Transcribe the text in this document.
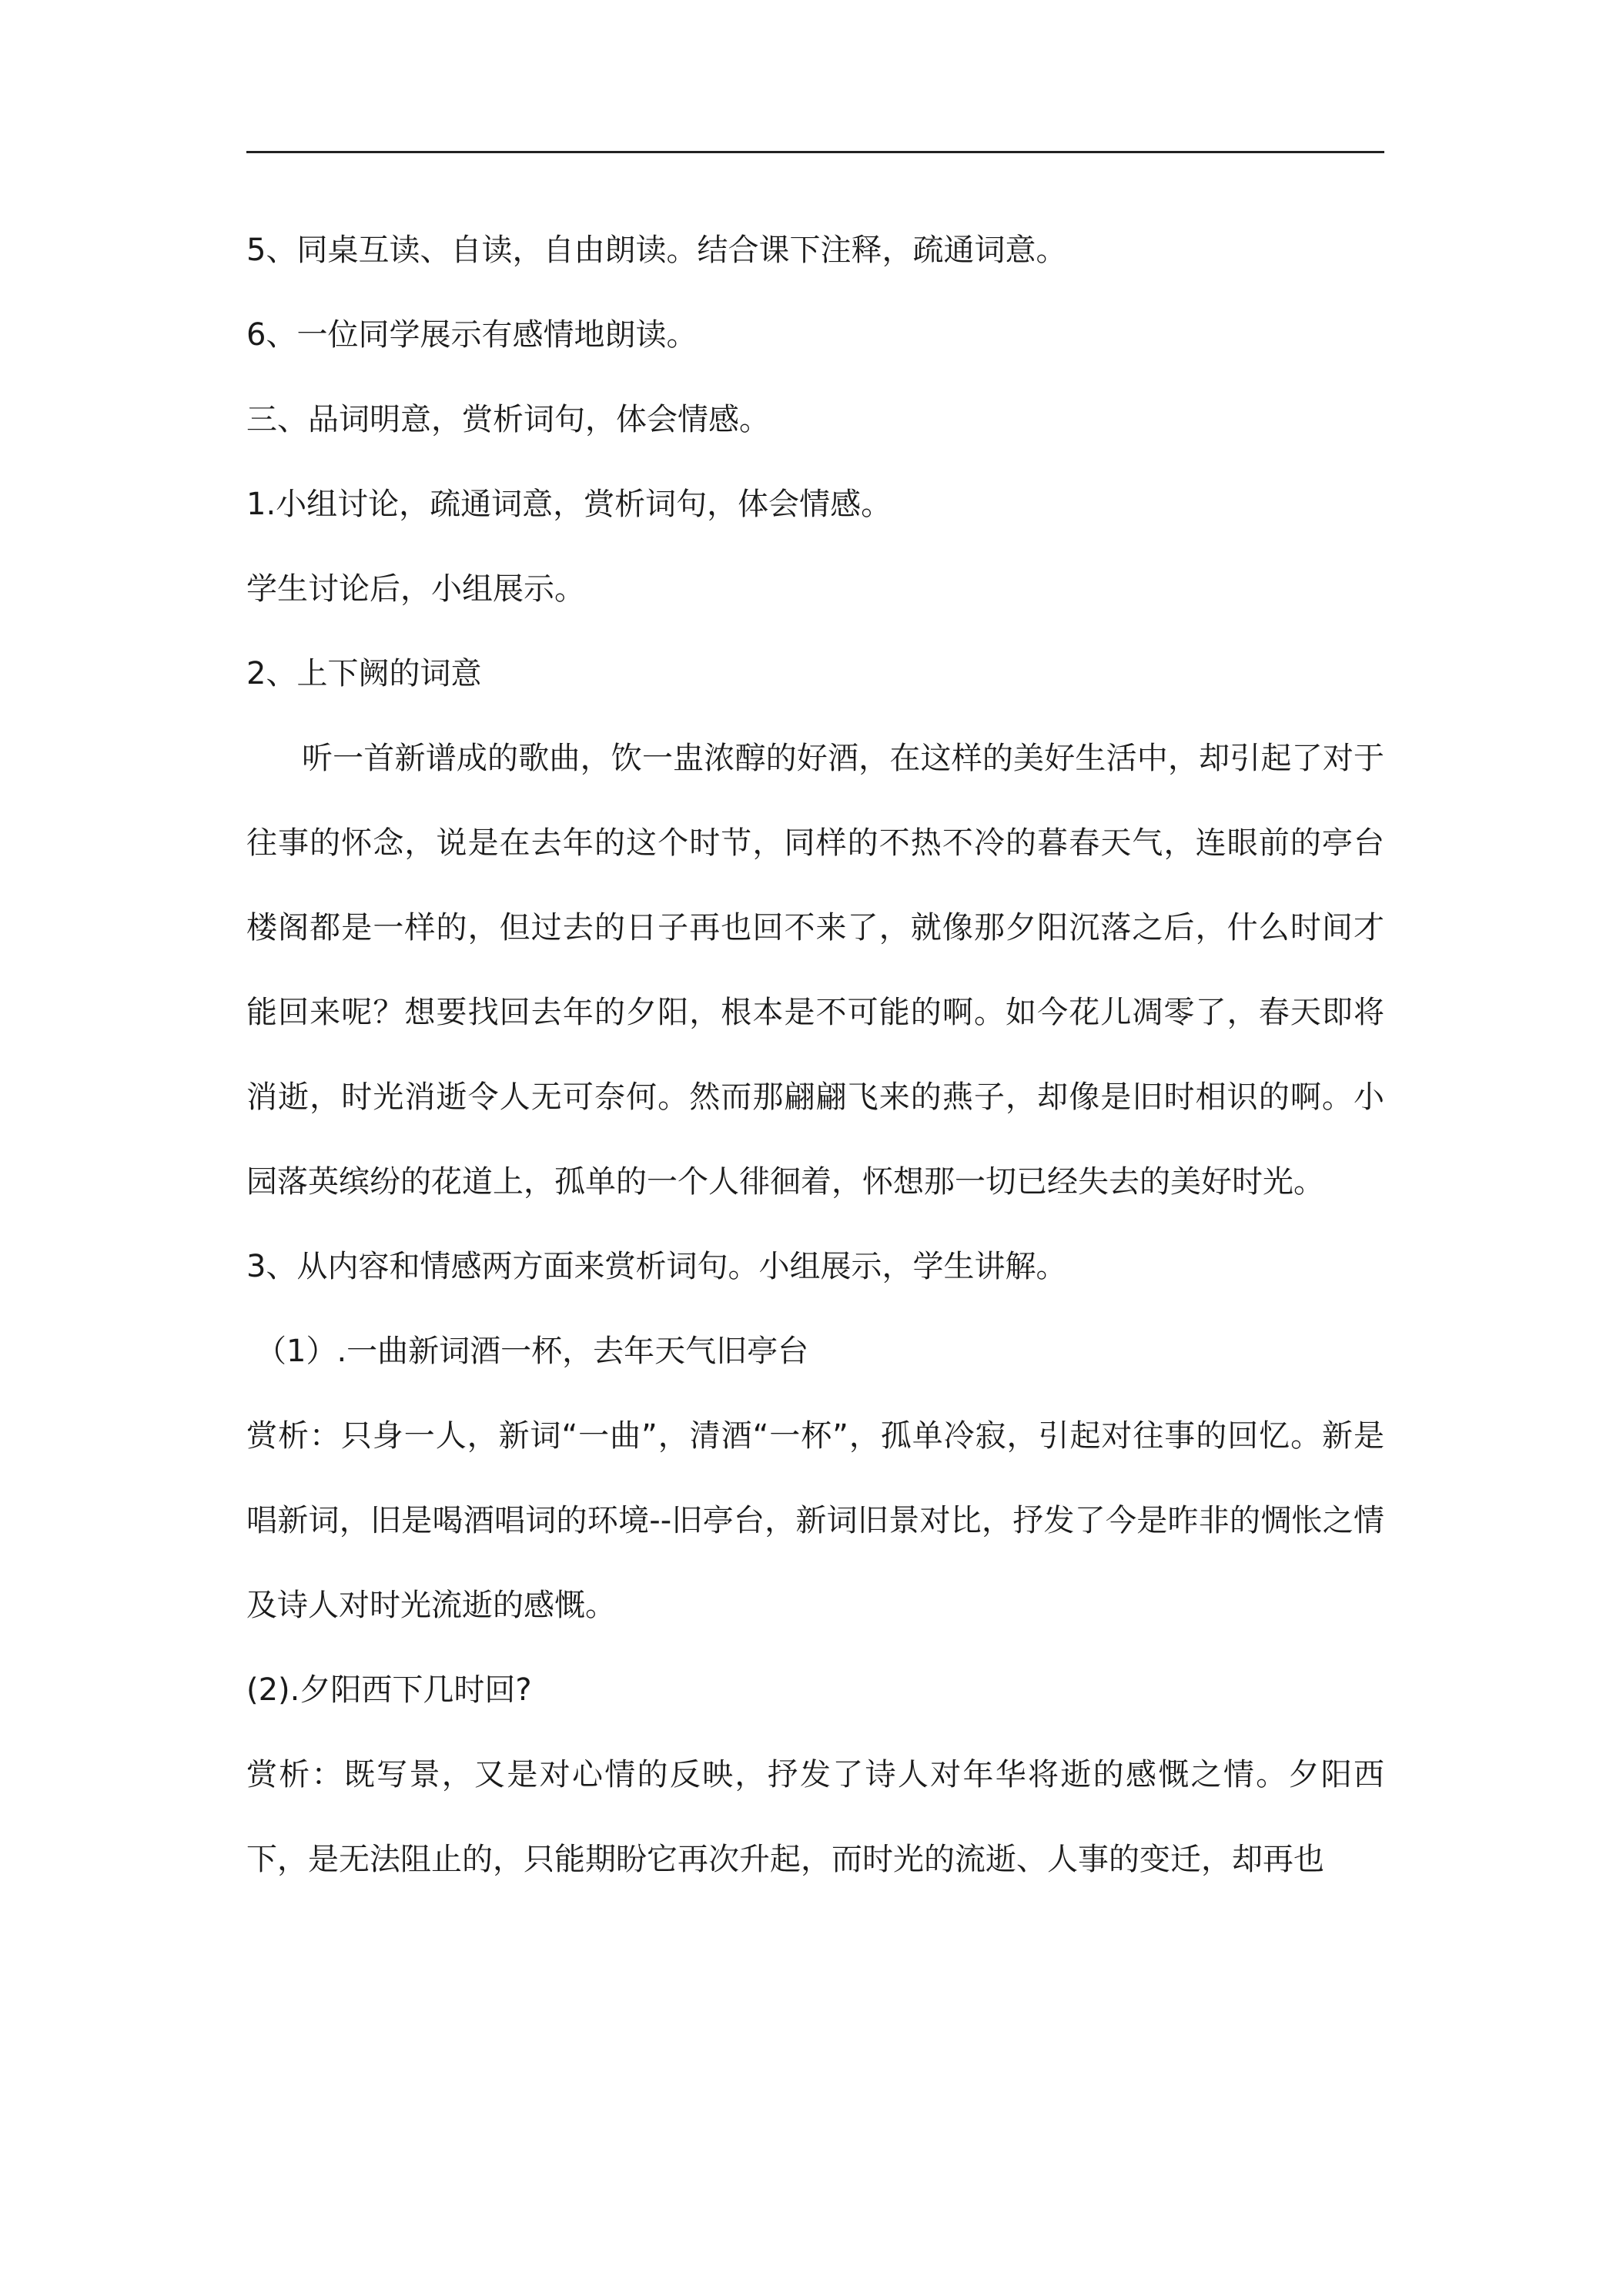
5、同桌互读、自读，自由朗读。结合课下注释，疏通词意。
6、一位同学展示有感情地朗读。
三、品词明意，赏析词句，体会情感。
1.小组讨论，疏通词意，赏析词句，体会情感。
学生讨论后，小组展示。
2、上下阙的词意
听一首新谱成的歌曲，饮一盅浓醇的好酒，在这样的美好生活中，却引起了对于往事的怀念，说是在去年的这个时节，同样的不热不冷的暮春天气，连眼前的亭台楼阁都是一样的，但过去的日子再也回不来了，就像那夕阳沉落之后，什么时间才能回来呢？想要找回去年的夕阳，根本是不可能的啊。如今花儿凋零了，春天即将消逝，时光消逝令人无可奈何。然而那翩翩飞来的燕子，却像是旧时相识的啊。小园落英缤纷的花道上，孤单的一个人徘徊着，怀想那一切已经失去的美好时光。
3、从内容和情感两方面来赏析词句。小组展示，学生讲解。
（1）.一曲新词酒一杯，去年天气旧亭台
赏析：只身一人，新词“一曲”，清酒“一杯”，孤单冷寂，引起对往事的回忆。新是唱新词，旧是喝酒唱词的环境--旧亭台，新词旧景对比，抒发了今是昨非的惆怅之情及诗人对时光流逝的感慨。
(2).夕阳西下几时回?
赏析：既写景，又是对心情的反映，抒发了诗人对年华将逝的感慨之情。夕阳西下，是无法阻止的，只能期盼它再次升起，而时光的流逝、人事的变迁，却再也
